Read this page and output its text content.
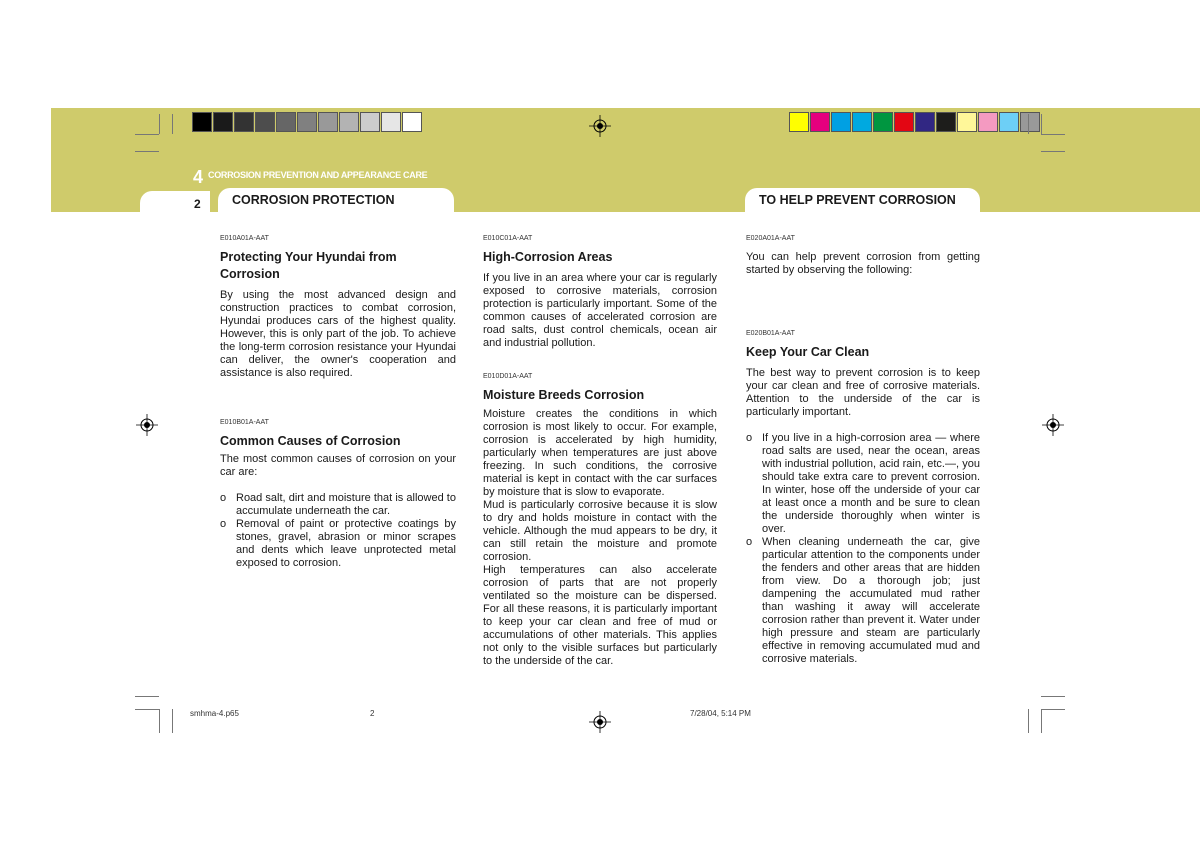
4 CORROSION PREVENTION AND APPEARANCE CARE
2	CORROSION PROTECTION	TO HELP PREVENT CORROSION
E010A01A-AAT
Protecting Your Hyundai from Corrosion

By using the most advanced design and construction practices to combat corrosion, Hyundai produces cars of the highest quality. However, this is only part of the job. To achieve the long-term corrosion resistance your Hyundai can deliver, the owner's cooperation and assistance is also required.

E010B01A-AAT
Common Causes of Corrosion

The most common causes of corrosion on your car are:

o Road salt, dirt and moisture that is allowed to accumulate underneath the car.
o Removal of paint or protective coatings by stones, gravel, abrasion or minor scrapes and dents which leave unprotected metal exposed to corrosion.
E010C01A-AAT
High-Corrosion Areas

If you live in an area where your car is regularly exposed to corrosive materials, corrosion protection is particularly important. Some of the common causes of accelerated corrosion are road salts, dust control chemicals, ocean air and industrial pollution.

E010D01A-AAT
Moisture Breeds Corrosion

Moisture creates the conditions in which corrosion is most likely to occur. For example, corrosion is accelerated by high humidity, particularly when temperatures are just above freezing. In such conditions, the corrosive material is kept in contact with the car surfaces by moisture that is slow to evaporate.

Mud is particularly corrosive because it is slow to dry and holds moisture in contact with the vehicle. Although the mud appears to be dry, it can still retain the moisture and promote corrosion.

High temperatures can also accelerate corrosion of parts that are not properly ventilated so the moisture can be dispersed. For all these reasons, it is particularly important to keep your car clean and free of mud or accumulations of other materials. This applies not only to the visible surfaces but particularly to the underside of the car.

E020A01A-AAT

You can help prevent corrosion from getting started by observing the following:

E020B01A-AAT
Keep Your Car Clean

The best way to prevent corrosion is to keep your car clean and free of corrosive materials. Attention to the underside of the car is particularly important.

o If you live in a high-corrosion area — where road salts are used, near the ocean, areas with industrial pollution, acid rain, etc.—, you should take extra care to prevent corrosion. In winter, hose off the underside of your car at least once a month and be sure to clean the underside thoroughly when winter is over.
o When cleaning underneath the car, give particular attention to the components under the fenders and other areas that are hidden from view. Do a thorough job; just dampening the accumulated mud rather than washing it away will accelerate corrosion rather than prevent it. Water under high pressure and steam are particularly effective in removing accumulated mud and corrosive materials.
smhma-4.p65	2	7/28/04, 5:14 PM
